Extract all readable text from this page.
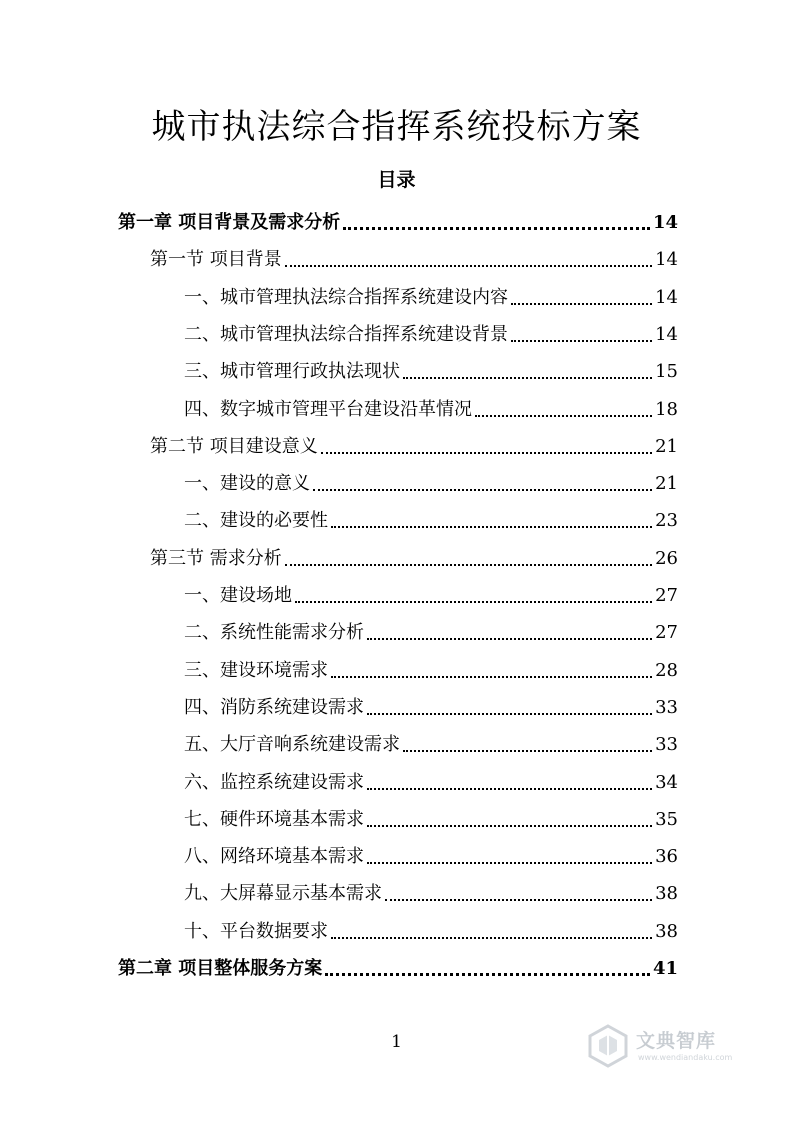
城市执法综合指挥系统投标方案
目录
第一章 项目背景及需求分析	14
第一节 项目背景	14
一、城市管理执法综合指挥系统建设内容	14
二、城市管理执法综合指挥系统建设背景	14
三、城市管理行政执法现状	15
四、数字城市管理平台建设沿革情况	18
第二节 项目建设意义	21
一、建设的意义	21
二、建设的必要性	23
第三节 需求分析	26
一、建设场地	27
二、系统性能需求分析	27
三、建设环境需求	28
四、消防系统建设需求	33
五、大厅音响系统建设需求	33
六、监控系统建设需求	34
七、硬件环境基本需求	35
八、网络环境基本需求	36
九、大屏幕显示基本需求	38
十、平台数据要求	38
第二章 项目整体服务方案	41
1	文典智库
www.wendiandaku.com
